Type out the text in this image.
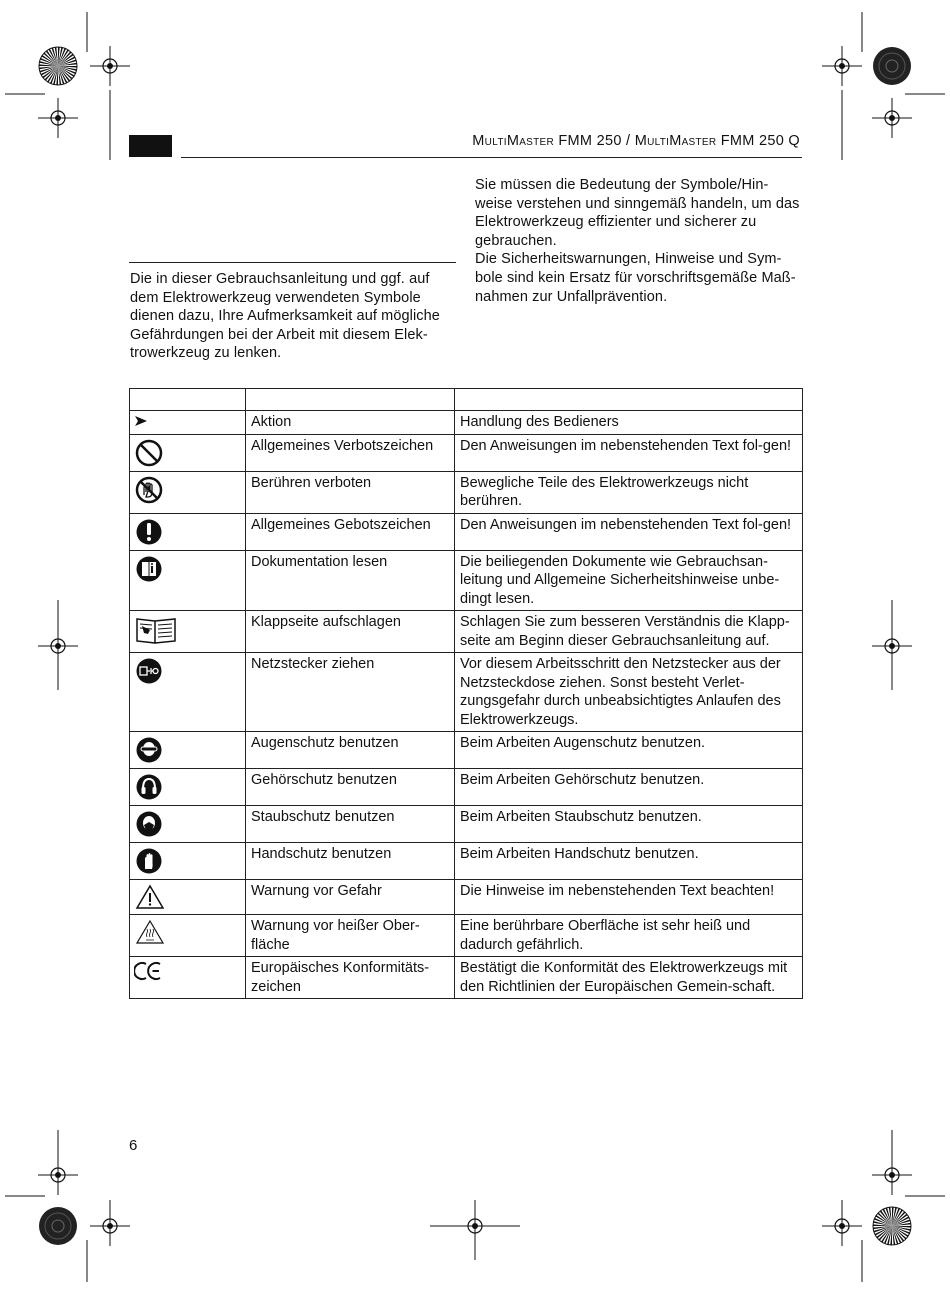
MultiMaster FMM 250 / MultiMaster FMM 250 Q
Die in dieser Gebrauchsanleitung und ggf. auf dem Elektrowerkzeug verwendeten Symbole dienen dazu, Ihre Aufmerksamkeit auf mögliche Gefährdungen bei der Arbeit mit diesem Elek-trowerkzeug zu lenken.

Sie müssen die Bedeutung der Symbole/Hin-weise verstehen und sinngemäß handeln, um das Elektrowerkzeug effizienter und sicherer zu gebrauchen.

Die Sicherheitswarnungen, Hinweise und Sym-bole sind kein Ersatz für vorschriftsgemäße Maß-nahmen zur Unfallprävention.

	Aktion	Handlung des Bedieners

	Allgemeines Verbotszeichen	Den Anweisungen im nebenstehenden Text fol-gen!

	Berühren verboten	Bewegliche Teile des Elektrowerkzeugs nicht berühren.

	Allgemeines Gebotszeichen	Den Anweisungen im nebenstehenden Text fol-gen!

	Dokumentation lesen	Die beiliegenden Dokumente wie Gebrauchsan-leitung und Allgemeine Sicherheitshinweise unbe-dingt lesen.

	Klappseite aufschlagen	Schlagen Sie zum besseren Verständnis die Klapp-seite am Beginn dieser Gebrauchsanleitung auf.

	Netzstecker ziehen	Vor diesem Arbeitsschritt den Netzstecker aus der Netzsteckdose ziehen. Sonst besteht Verlet-zungsgefahr durch unbeabsichtigtes Anlaufen des Elektrowerkzeugs.

	Augenschutz benutzen	Beim Arbeiten Augenschutz benutzen.

	Gehörschutz benutzen	Beim Arbeiten Gehörschutz benutzen.

	Staubschutz benutzen	Beim Arbeiten Staubschutz benutzen.

	Handschutz benutzen	Beim Arbeiten Handschutz benutzen.

	Warnung vor Gefahr	Die Hinweise im nebenstehenden Text beachten!

	Warnung vor heißer Ober-fläche	Eine berührbare Oberfläche ist sehr heiß und dadurch gefährlich.

	Europäisches Konformitäts-zeichen	Bestätigt die Konformität des Elektrowerkzeugs mit den Richtlinien der Europäischen Gemein-schaft.
6
